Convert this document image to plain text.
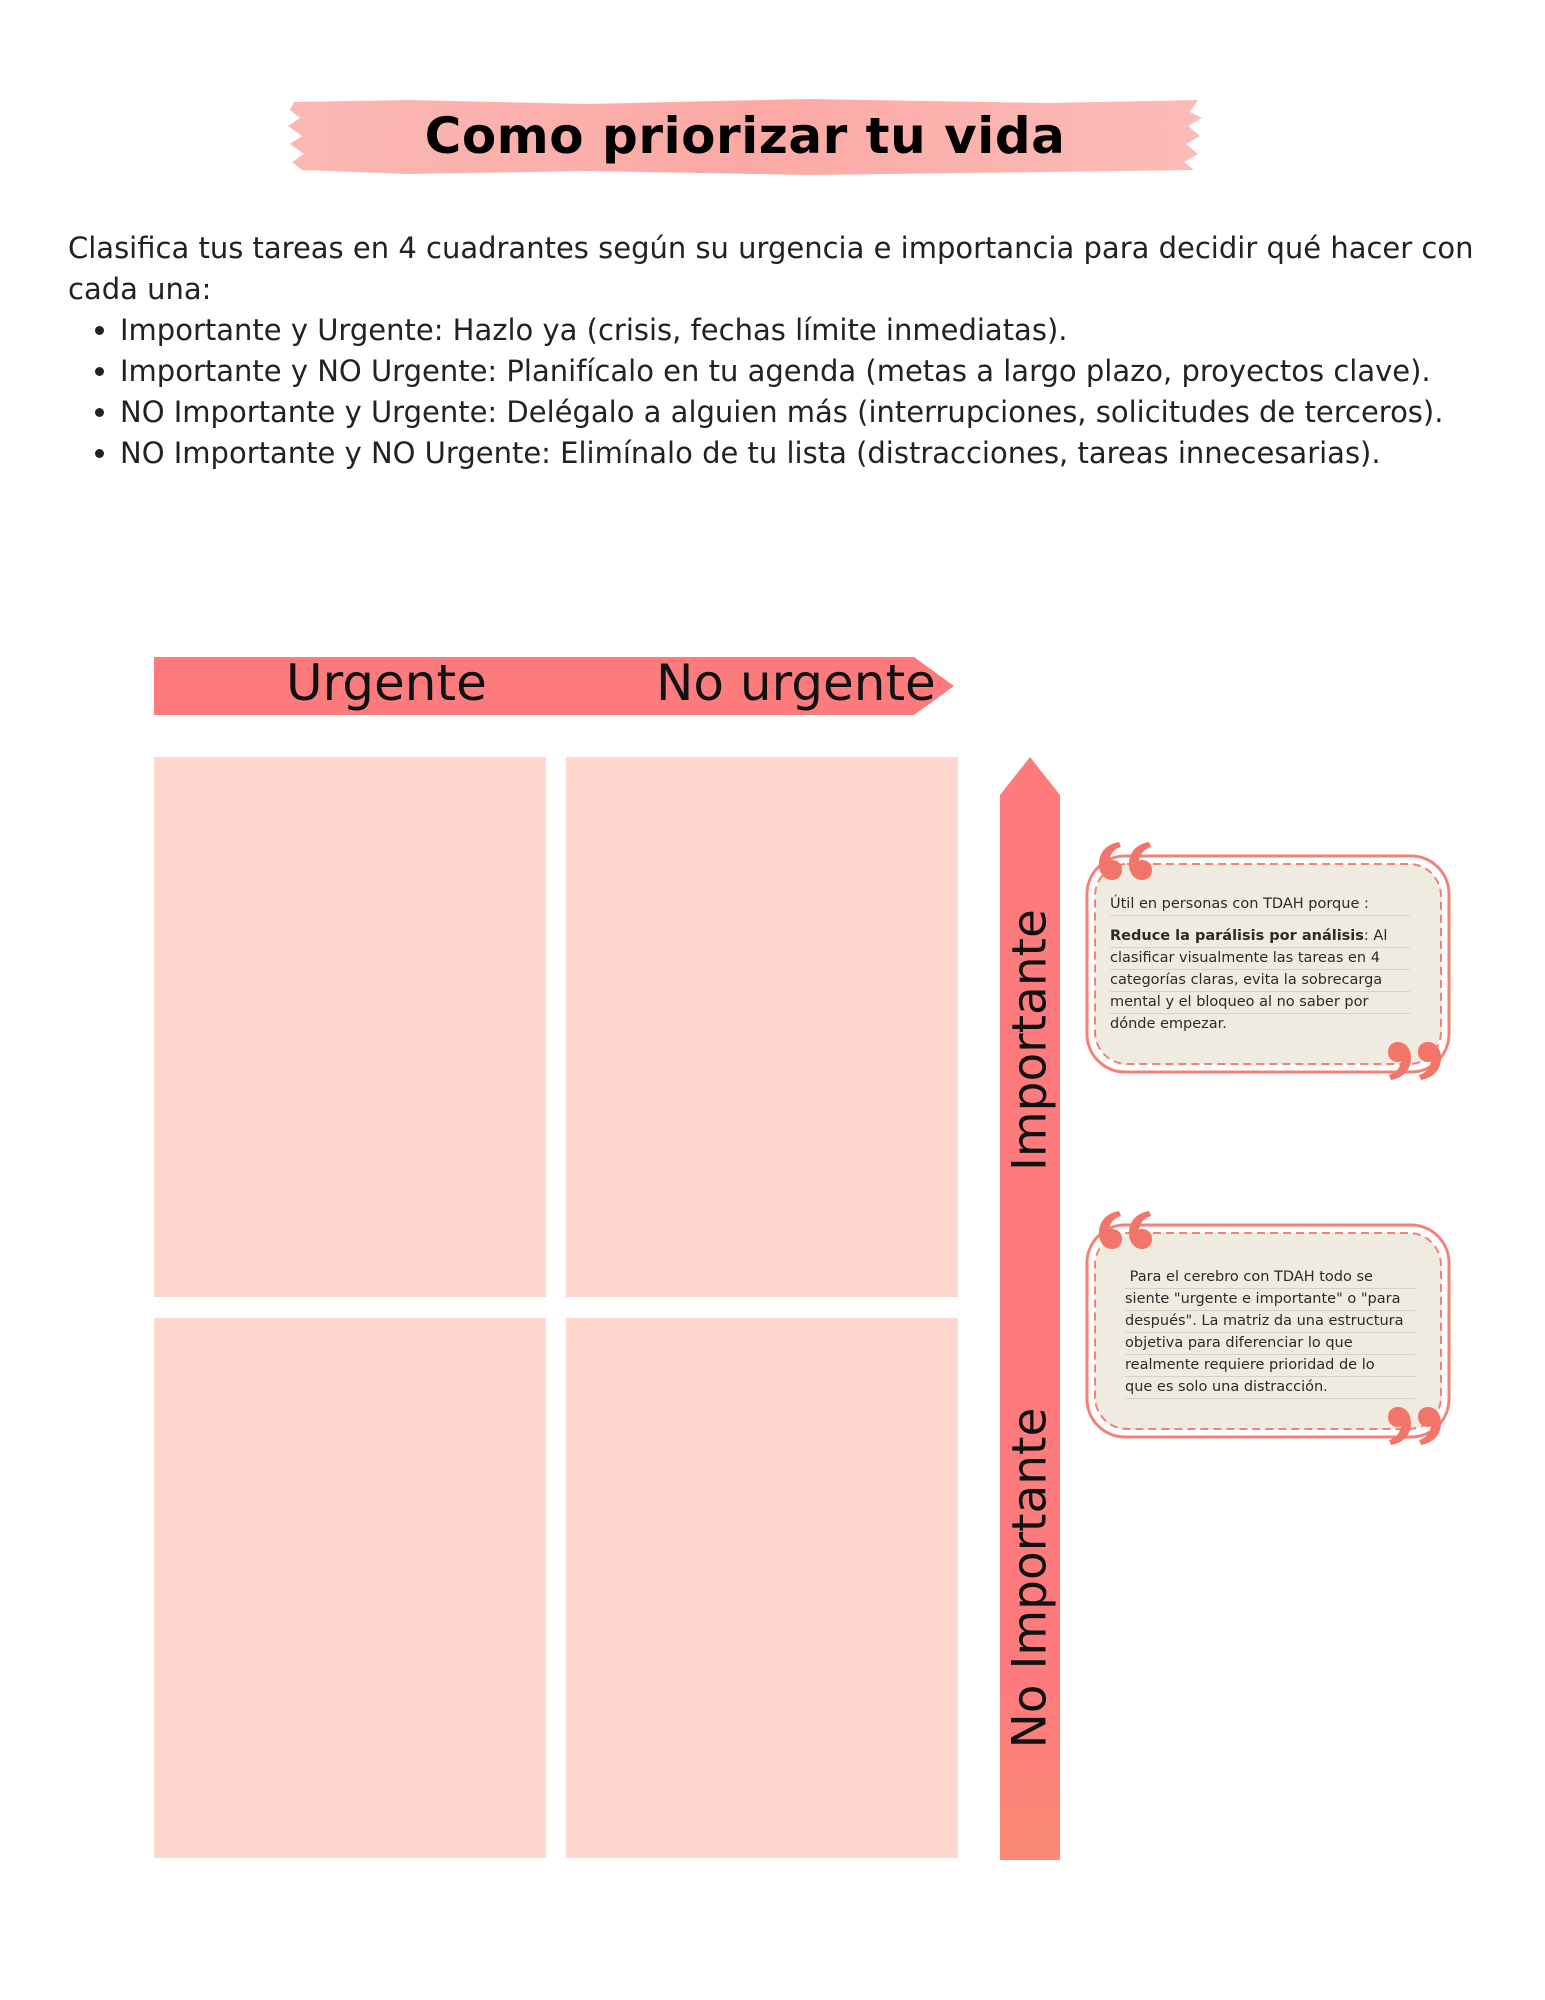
Como priorizar tu vida

Clasifica tus tareas en 4 cuadrantes según su urgencia e importancia para decidir qué hacer con cada una:

• Importante y Urgente: Hazlo ya (crisis, fechas límite inmediatas).
• Importante y NO Urgente: Planifícalo en tu agenda (metas a largo plazo, proyectos clave).
• NO Importante y Urgente: Delégalo a alguien más (interrupciones, solicitudes de terceros).
• NO Importante y NO Urgente: Elimínalo de tu lista (distracciones, tareas innecesarias).
Urgente	No urgente
Importante
No Importante

Útil en personas con TDAH porque :

Reduce la parálisis por análisis: Al

clasificar visualmente las tareas en 4

categorías claras, evita la sobrecarga

mental y el bloqueo al no saber por

dónde empezar.

Para el cerebro con TDAH todo se

siente "urgente e importante" o "para

después". La matriz da una estructura

objetiva para diferenciar lo que

realmente requiere prioridad de lo

que es solo una distracción.
